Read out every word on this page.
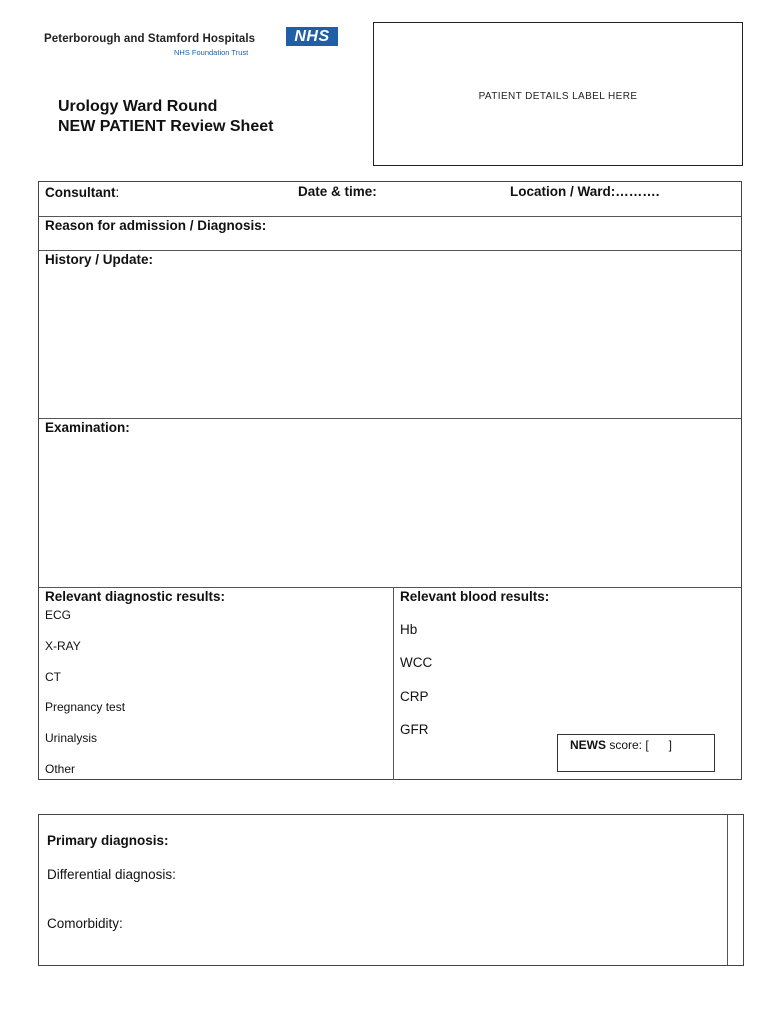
Peterborough and Stamford Hospitals
NHS Foundation Trust
NHS
Urology Ward Round
NEW PATIENT Review Sheet
PATIENT DETAILS LABEL HERE
Consultant:	Date & time:	Location / Ward:……….
Reason for admission / Diagnosis:
History / Update:
Examination:
Relevant diagnostic results:
ECG
X-RAY
CT
Pregnancy test
Urinalysis
Other
Relevant blood results:
Hb
WCC
CRP
GFR
NEWS score: [      ]
Primary diagnosis:
Differential diagnosis:
Comorbidity:
